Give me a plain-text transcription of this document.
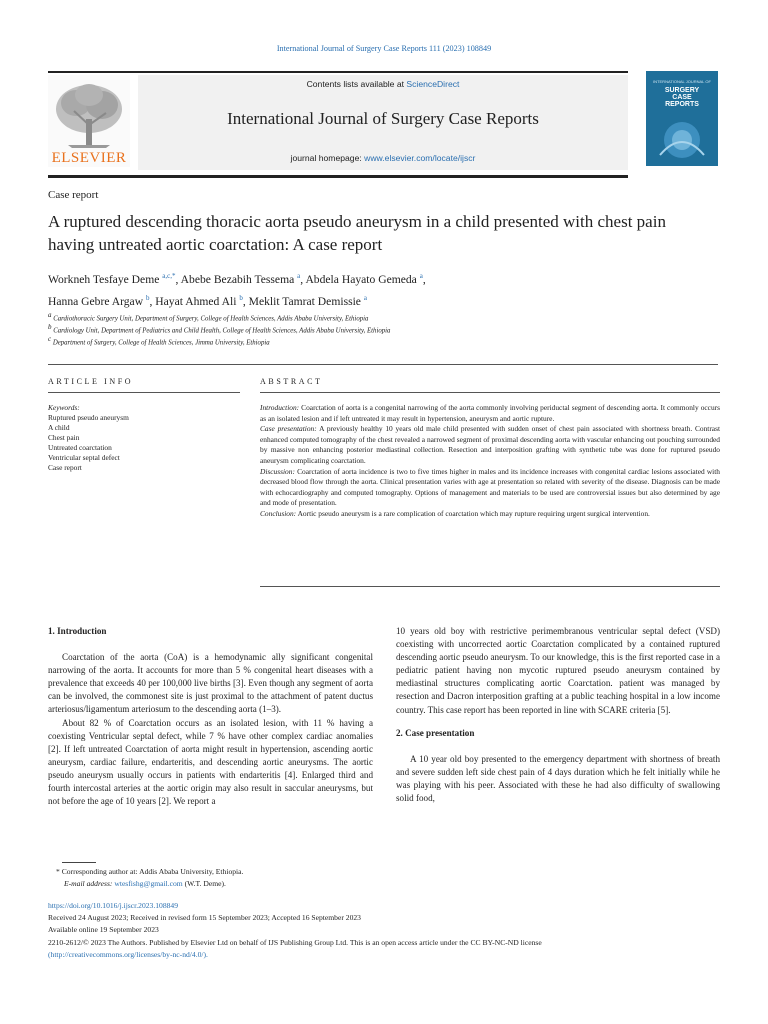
International Journal of Surgery Case Reports 111 (2023) 108849
ELSEVIER
Contents lists available at ScienceDirect
International Journal of Surgery Case Reports
journal homepage: www.elsevier.com/locate/ijscr
INTERNATIONAL JOURNAL OF
SURGERY
CASE
REPORTS
Case report
A ruptured descending thoracic aorta pseudo aneurysm in a child presented with chest pain having untreated aortic coarctation: A case report
Workneh Tesfaye Deme $^{a,c,*}$, Abebe Bezabih Tessema $^a$, Abdela Hayato Gemeda $^a$,
Hanna Gebre Argaw $^b$, Hayat Ahmed Ali $^b$, Meklit Tamrat Demissie $^a$
$^a$ Cardiothoracic Surgery Unit, Department of Surgery, College of Health Sciences, Addis Ababa University, Ethiopia
$^b$ Cardiology Unit, Department of Pediatrics and Child Health, College of Health Sciences, Addis Ababa University, Ethiopia
$^c$ Department of Surgery, College of Health Sciences, Jimma University, Ethiopia
ARTICLE INFO	ABSTRACT

Keywords:

Ruptured pseudo aneurysm

A child

Chest pain

Untreated coarctation

Ventricular septal defect

Case report

Introduction: Coarctation of aorta is a congenital narrowing of the aorta commonly involving periductal segment of descending aorta. It commonly occurs as an isolated lesion and if left untreated it may result in hypertension, aneurysm and aortic rupture.

Case presentation: A previously healthy 10 years old male child presented with sudden onset of chest pain associated with shortness breath. Contrast enhanced computed tomography of the chest revealed a narrowed segment of proximal descending aorta with vascular enhancing out pouching surrounded by massive non enhancing posterior mediastinal collection. Resection and interposition grafting with synthetic tube was done for ruptured pseudo aneurysm complicating coarctation.

Discussion: Coarctation of aorta incidence is two to five times higher in males and its incidence increases with congenital cardiac lesions associated with decreased blood flow through the aorta. Clinical presentation varies with age at presentation so related with severity of the disease. Diagnosis can be made with echocardiography and computed tomography. Options of management and materials to be used are controversial issues but also determined by age and mode of presentation.

Conclusion: Aortic pseudo aneurysm is a rare complication of coarctation which may rupture requiring urgent surgical intervention.

1. Introduction

Coarctation of the aorta (CoA) is a hemodynamic ally significant congenital narrowing of the aorta. It accounts for more than 5 % congenital heart diseases with a prevalence that exceeds 40 per 100,000 live births [3]. Even though any segment of aorta can be involved, the commonest site is just proximal to the attachment of patent ductus arteriosus/ligamentum arteriosum to the descending aorta (1–3).

About 82 % of Coarctation occurs as an isolated lesion, with 11 % having a coexisting Ventricular septal defect, while 7 % have other complex cardiac anomalies [2]. If left untreated Coarctation of aorta might result in hypertension, ascending aortic aneurysm, cardiac failure, endarteritis, and descending aortic aneurysms. The aortic pseudo aneurysm usually occurs in patients with endarteritis [4]. Enlarged third and fourth intercostal arteries at the aortic origin may also result in saccular aneurysms, but not before the age of 10 years [2]. We report a

10 years old boy with restrictive perimembranous ventricular septal defect (VSD) coexisting with uncorrected aortic Coarctation complicated by a contained ruptured descending aortic pseudo aneurysm. To our knowledge, this is the first reported case in a pediatric patient having non mycotic ruptured pseudo aneurysm contained by mediastinal structures complicating aortic Coarctation. patient was managed by resection and Dacron interposition grafting at a public teaching hospital in a low income country. This case report has been reported in line with SCARE criteria [5].

2. Case presentation

A 10 year old boy presented to the emergency department with shortness of breath and severe sudden left side chest pain of 4 days duration which he felt initially while he was playing with his peer. Associated with these he had also difficulty of swallowing solid food,

* Corresponding author at: Addis Ababa University, Ethiopia.
E-mail address: wtesfishg@gmail.com (W.T. Deme).
https://doi.org/10.1016/j.ijscr.2023.108849
Received 24 August 2023; Received in revised form 15 September 2023; Accepted 16 September 2023
Available online 19 September 2023
2210-2612/© 2023 The Authors. Published by Elsevier Ltd on behalf of IJS Publishing Group Ltd. This is an open access article under the CC BY-NC-ND license
(http://creativecommons.org/licenses/by-nc-nd/4.0/).
